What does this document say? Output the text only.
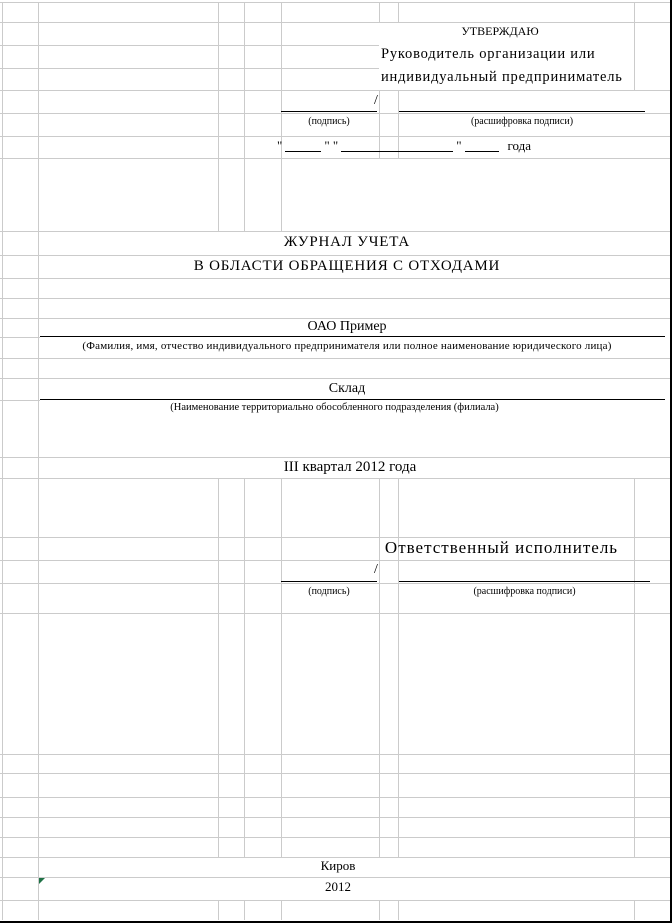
УТВЕРЖДАЮ
Руководитель организации или
индивидуальный предприниматель
/
(подпись)	(расшифровка подписи)
"	" "	"	года
ЖУРНАЛ УЧЕТА
В ОБЛАСТИ ОБРАЩЕНИЯ С ОТХОДАМИ
ОАО Пример
(Фамилия, имя, отчество индивидуального предпринимателя или полное наименование юридического лица)
Склад
(Наименование территориально обособленного подразделения (филиала)
III квартал 2012 года
Ответственный исполнитель
/
(подпись)	(расшифровка подписи)
Киров
2012
